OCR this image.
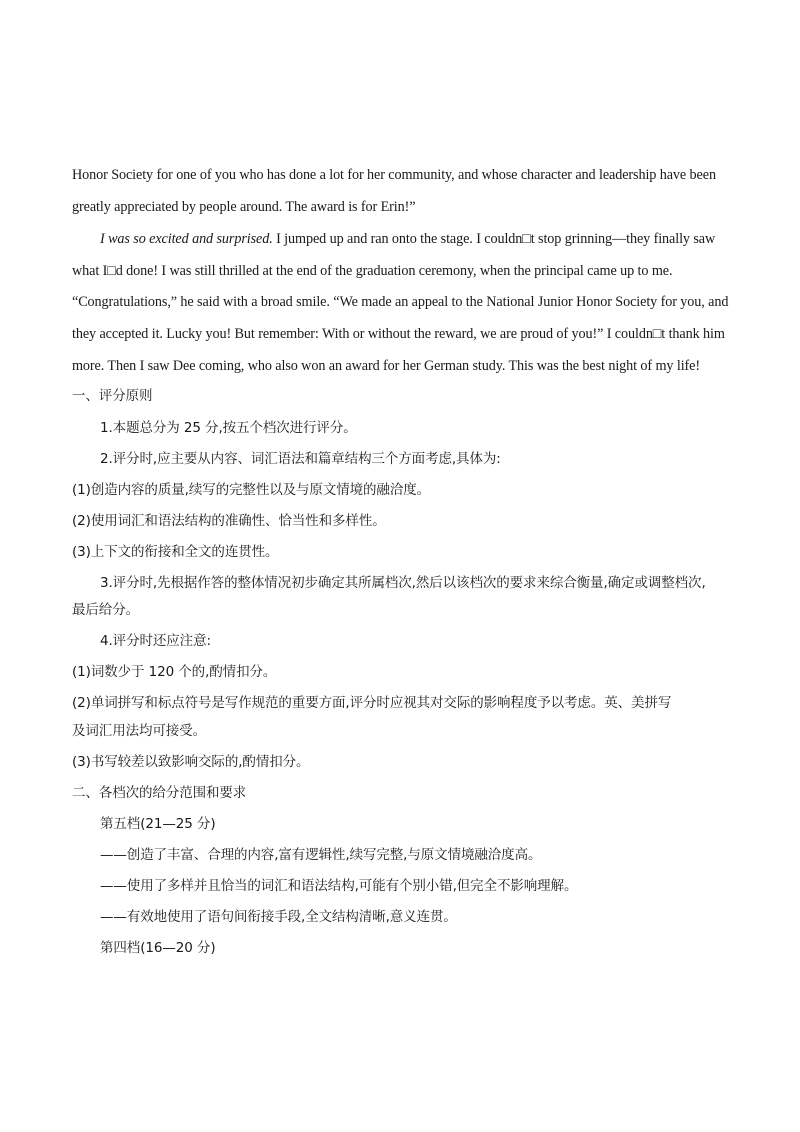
Honor Society for one of you who has done a lot for her community, and whose character and leadership have been
greatly appreciated by people around. The award is for Erin!”
I was so excited and surprised. I jumped up and ran onto the stage. I couldn□t stop grinning—they finally saw
what I□d done! I was still thrilled at the end of the graduation ceremony, when the principal came up to me.
“Congratulations,” he said with a broad smile. “We made an appeal to the National Junior Honor Society for you, and
they accepted it. Lucky you! But remember: With or without the reward, we are proud of you!” I couldn□t thank him
more. Then I saw Dee coming, who also won an award for her German study. This was the best night of my life!
一、评分原则
1.本题总分为 25 分,按五个档次进行评分。
2.评分时,应主要从内容、词汇语法和篇章结构三个方面考虑,具体为:
(1)创造内容的质量,续写的完整性以及与原文情境的融洽度。
(2)使用词汇和语法结构的准确性、恰当性和多样性。
(3)上下文的衔接和全文的连贯性。
3.评分时,先根据作答的整体情况初步确定其所属档次,然后以该档次的要求来综合衡量,确定或调整档次,
最后给分。
4.评分时还应注意:
(1)词数少于 120 个的,酌情扣分。
(2)单词拼写和标点符号是写作规范的重要方面,评分时应视其对交际的影响程度予以考虑。英、美拼写
及词汇用法均可接受。
(3)书写较差以致影响交际的,酌情扣分。
二、各档次的给分范围和要求
第五档(21—25 分)
——创造了丰富、合理的内容,富有逻辑性,续写完整,与原文情境融洽度高。
——使用了多样并且恰当的词汇和语法结构,可能有个别小错,但完全不影响理解。
——有效地使用了语句间衔接手段,全文结构清晰,意义连贯。
第四档(16—20 分)
